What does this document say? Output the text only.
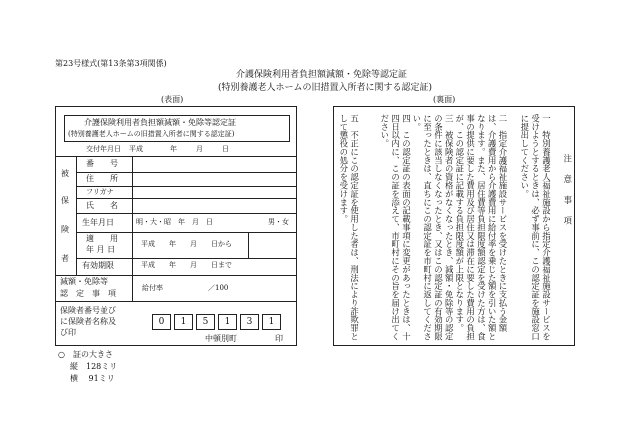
第23号様式(第13条第3項関係)
介護保険利用者負担額減額・免除等認定証
(特別養護老人ホームの旧措置入所者に関する認定証)
(表面)	(裏面)
介護保険利用者負担額減額・免除等認定証
(特別養護老人ホームの旧措置入所者に関する認定証)
交付年月日 平成	年	月	日
被
保
険
者
番　　号
住　　所
フリガナ
氏　　名
生年月日	明・大・昭　年　月　日	男・女
適　　用
年 月 日
平成　　年　　月　　日から
有効期限	平成　　年　　月　　日まで
減額・免除等
認　定　事　項
給付率	／100
保険者番号並び
に保険者名称及
び印
0	1	5	1	3	1
中頓別町	印
○　証の大きさ
縦　128ミリ
横　 91ミリ
注　意　事　項
一　特別養護老人福祉施設から指定介護福祉施設サービスを受けようとするときは、必ず事前に、この認定証を施設窓口に提出してください。
二　指定介護福祉施設サービスを受けたときに支払う金額は、介護費用から介護費用に給付率を乗じた額を引いた額となります。また、居住費等負担限度額認定を受けた方は、食事の提供に要した費用及び居住又は滞在に要した費用の負担が、この認定証に記載する負担限度額が上限となります。
三　被保険者の資格がなくなったとき、減額・免除等の認定の条件に該当しなくなったとき、又はこの認定証の有効期限に至ったときは、直ちにこの認定証を市町村に返してください。
四　この認定証の表面の記載事項に変更があったときは、十四日以内に、この証を添えて、市町村にその旨を届け出てください。
五　不正にこの認定証を使用した者は、刑法により詐欺罪として懲役の処分を受けます。
